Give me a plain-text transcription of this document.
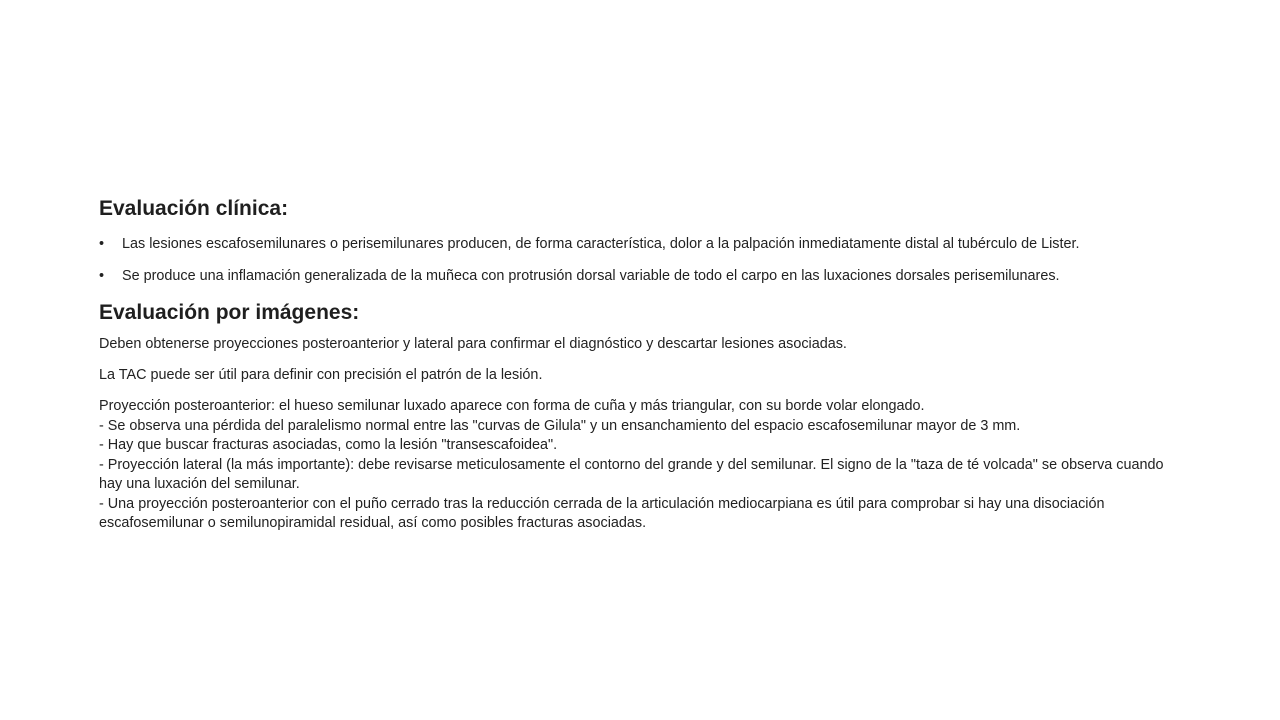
Evaluación clínica:
• Las lesiones escafosemilunares o perisemilunares producen, de forma característica, dolor a la palpación inmediatamente distal al tubérculo de Lister.
• Se produce una inflamación generalizada de la muñeca con protrusión dorsal variable de todo el carpo en las luxaciones dorsales perisemilunares.
Evaluación por imágenes:

Deben obtenerse proyecciones posteroanterior y lateral para confirmar el diagnóstico y descartar lesiones asociadas.

La TAC puede ser útil para definir con precisión el patrón de la lesión.

Proyección posteroanterior: el hueso semilunar luxado aparece con forma de cuña y más triangular, con su borde volar elongado.
- Se observa una pérdida del paralelismo normal entre las "curvas de Gilula" y un ensanchamiento del espacio escafosemilunar mayor de 3 mm.
- Hay que buscar fracturas asociadas, como la lesión "transescafoidea".
- Proyección lateral (la más importante): debe revisarse meticulosamente el contorno del grande y del semilunar. El signo de la "taza de té volcada" se observa cuando hay una luxación del semilunar.
- Una proyección posteroanterior con el puño cerrado tras la reducción cerrada de la articulación mediocarpiana es útil para comprobar si hay una disociación escafosemilunar o semilunopiramidal residual, así como posibles fracturas asociadas.
